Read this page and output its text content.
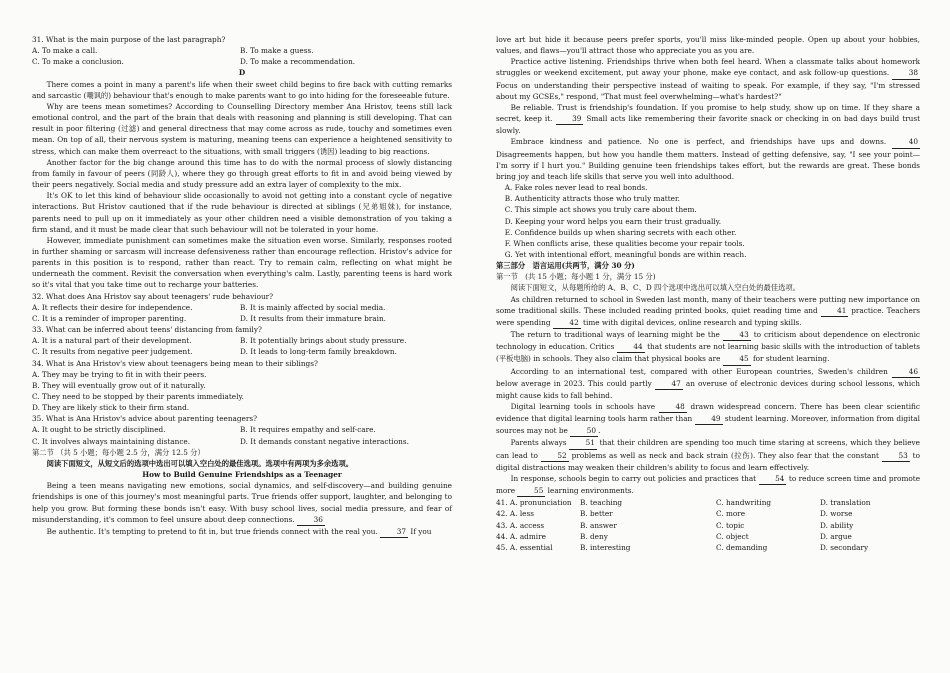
31. What is the main purpose of the last paragraph?

A. To make a call.	B. To make a guess.
C. To make a conclusion.	D. To make a recommendation.

D

There comes a point in many a parent's life when their sweet child begins to fire back with cutting remarks and sarcastic (嘲讽的) behaviour that's enough to make parents want to go into hiding for the foreseeable future.

Why are teens mean sometimes? According to Counselling Directory member Ana Hristov, teens still lack emotional control, and the part of the brain that deals with reasoning and planning is still developing. That can result in poor filtering (过滤) and general directness that may come across as rude, touchy and sometimes even mean. On top of all, their nervous system is maturing, meaning teens can experience a heightened sensitivity to stress, which can make them overreact to the situations, with small triggers (诱因) leading to big reactions.

Another factor for the big change around this time has to do with the normal process of slowly distancing from family in favour of peers (同龄人), where they go through great efforts to fit in and avoid being viewed by their peers negatively. Social media and study pressure add an extra layer of complexity to the mix.

It's OK to let this kind of behaviour slide occasionally to avoid not getting into a constant cycle of negative interactions. But Hristov cautioned that if the rude behaviour is directed at siblings (兄弟姐妹), for instance, parents need to pull up on it immediately as your other children need a visible demonstration of you taking a firm stand, and it must be made clear that such behaviour will not be tolerated in your home.

However, immediate punishment can sometimes make the situation even worse. Similarly, responses rooted in further shaming or sarcasm will increase defensiveness rather than encourage reflection. Hristov's advice for parents in this position is to respond, rather than react. Try to remain calm, reflecting on what might be underneath the comment. Revisit the conversation when everything's calm. Lastly, parenting teens is hard work so it's vital that you take time out to recharge your batteries.

32. What does Ana Hristov say about teenagers' rude behaviour?

A. It reflects their desire for independence.	B. It is mainly affected by social media.
C. It is a reminder of improper parenting.	D. It results from their immature brain.

33. What can be inferred about teens' distancing from family?

A. It is a natural part of their development.	B. It potentially brings about study pressure.
C. It results from negative peer judgement.	D. It leads to long-term family breakdown.

34. What is Ana Hristov's view about teenagers being mean to their siblings?

A. They may be trying to fit in with their peers.
B. They will eventually grow out of it naturally.
C. They need to be stopped by their parents immediately.
D. They are likely stick to their firm stand.

35. What is Ana Hristov's advice about parenting teenagers?

A. It ought to be strictly disciplined.	B. It requires empathy and self-care.
C. It involves always maintaining distance.	D. It demands constant negative interactions.

第二节 （共 5 小题；每小题 2.5 分，满分 12.5 分）

阅读下面短文，从短文后的选项中选出可以填入空白处的最佳选项。选项中有两项为多余选项。

How to Build Genuine Friendships as a Teenager

Being a teen means navigating new emotions, social dynamics, and self-discovery—and building genuine friendships is one of this journey's most meaningful parts. True friends offer support, laughter, and belonging to help you grow. But forming these bonds isn't easy. With busy school lives, social media pressure, and fear of misunderstanding, it's common to feel unsure about deep connections.	36

Be authentic. It's tempting to pretend to fit in, but true friends connect with the real you.	37 If you

love art but hide it because peers prefer sports, you'll miss like-minded people. Open up about your hobbies, values, and flaws—you'll attract those who appreciate you as you are.

Practice active listening. Friendships thrive when both feel heard. When a classmate talks about homework struggles or weekend excitement, put away your phone, make eye contact, and ask follow-up questions.	38 Focus on understanding their perspective instead of waiting to speak. For example, if they say, "I'm stressed about my GCSEs," respond, "That must feel overwhelming—what's hardest?"

Be reliable. Trust is friendship's foundation. If you promise to help study, show up on time. If they share a secret, keep it.	39 Small acts like remembering their favorite snack or checking in on bad days build trust slowly.

Embrace kindness and patience. No one is perfect, and friendships have ups and downs.	40 Disagreements happen, but how you handle them matters. Instead of getting defensive, say, "I see your point—I'm sorry if I hurt you." Building genuine teen friendships takes effort, but the rewards are great. These bonds bring joy and teach life skills that serve you well into adulthood.

A. Fake roles never lead to real bonds.

B. Authenticity attracts those who truly matter.

C. This simple act shows you truly care about them.

D. Keeping your word helps you earn their trust gradually.

E. Confidence builds up when sharing secrets with each other.

F. When conflicts arise, these qualities become your repair tools.

G. Yet with intentional effort, meaningful bonds are within reach.

第三部分　语言运用(共两节，满分 30 分)

第一节　(共 15 小题；每小题 1 分，满分 15 分)

阅读下面短文，从每题所给的 A、B、C、D 四个选项中选出可以填入空白处的最佳选项。

As children returned to school in Sweden last month, many of their teachers were putting new importance on some traditional skills. These included reading printed books, quiet reading time and	41 practice. Teachers were spending	42 time with digital devices, online research and typing skills.

The return to traditional ways of learning might be the	43 to criticism about dependence on electronic technology in education. Critics	44 that students are not learning basic skills with the introduction of tablets (平板电脑) in schools. They also claim that physical books are	45 for student learning.

According to an international test, compared with other European countries, Sweden's children	46 below average in 2023. This could partly	47 an overuse of electronic devices during school lessons, which might cause kids to fall behind.

Digital learning tools in schools have	48 drawn widespread concern. There has been clear scientific evidence that digital learning tools harm rather than	49 student learning. Moreover, information from digital sources may not be	50 .

Parents always	51 that their children are spending too much time staring at screens, which they believe can lead to	52 problems as well as neck and back strain (拉伤). They also fear that the constant	53 to digital distractions may weaken their children's ability to focus and learn effectively.

In response, schools begin to carry out policies and practices that	54 to reduce screen time and promote more	55 learning environments.

41. A. pronunciation	B. teaching	C. handwriting	D. translation
42. A. less	B. better	C. more	D. worse
43. A. access	B. answer	C. topic	D. ability
44. A. admire	B. deny	C. object	D. argue
45. A. essential	B. interesting	C. demanding	D. secondary
